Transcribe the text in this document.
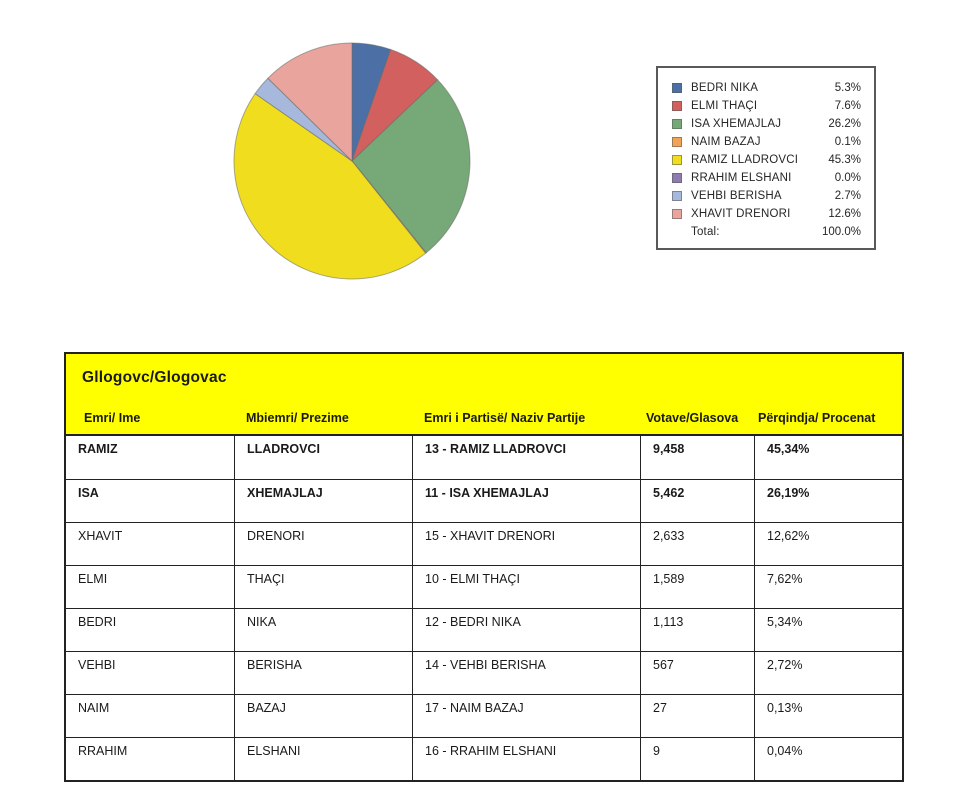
BEDRI NIKA	5.3%
ELMI THAÇI	7.6%
ISA XHEMAJLAJ	26.2%
NAIM BAZAJ	0.1%
RAMIZ LLADROVCI	45.3%
RRAHIM ELSHANI	0.0%
VEHBI BERISHA	2.7%
XHAVIT DRENORI	12.6%
Total:	100.0%
Gllogovc/Glogovac
Emri/ Ime	Mbiemri/ Prezime	Emri i Partisë/ Naziv Partije	Votave/Glasova	Përqindja/ Procenat
RAMIZ	LLADROVCI	13 - RAMIZ LLADROVCI	9,458	45,34%
ISA	XHEMAJLAJ	11 - ISA XHEMAJLAJ	5,462	26,19%
XHAVIT	DRENORI	15 - XHAVIT DRENORI	2,633	12,62%
ELMI	THAÇI	10 - ELMI THAÇI	1,589	7,62%
BEDRI	NIKA	12 - BEDRI NIKA	1,113	5,34%
VEHBI	BERISHA	14 - VEHBI BERISHA	567	2,72%
NAIM	BAZAJ	17 - NAIM BAZAJ	27	0,13%
RRAHIM	ELSHANI	16 - RRAHIM ELSHANI	9	0,04%
